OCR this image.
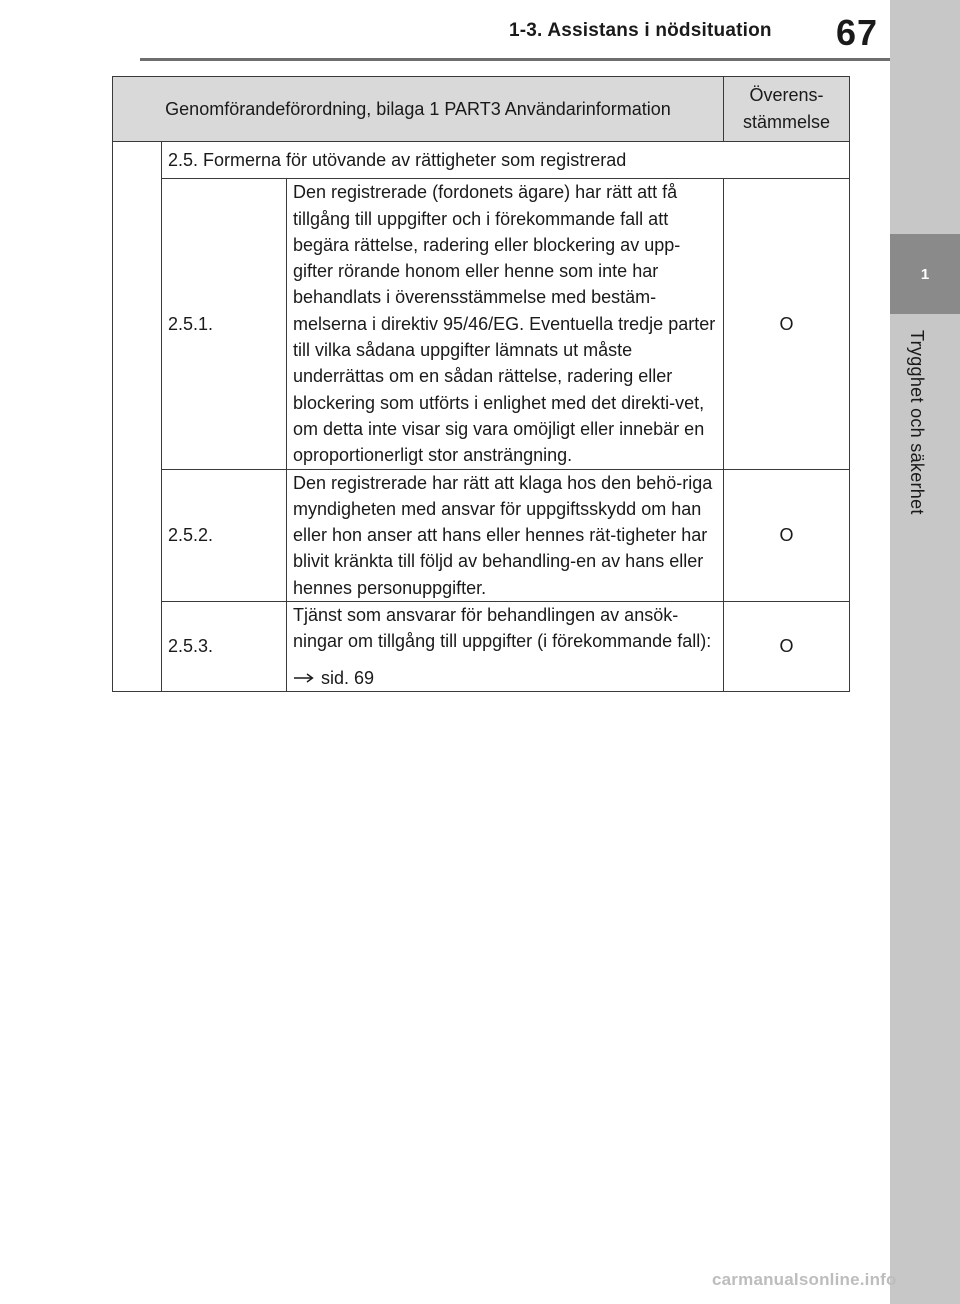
1-3. Assistans i nödsituation 67
1
Trygghet och säkerhet
Genomförandeförordning, bilaga 1 PART3 Användarinformation			Överens-
stämmelse
	2.5. Formerna för utövande av rättigheter som registrerad		
	2.5.1.	Den registrerade (fordonets ägare) har rätt att få tillgång till uppgifter och i förekommande fall att begära rättelse, radering eller blockering av upp-gifter rörande honom eller henne som inte har behandlats i överensstämmelse med bestäm-melserna i direktiv 95/46/EG. Eventuella tredje parter till vilka sådana uppgifter lämnats ut måste underrättas om en sådan rättelse, radering eller blockering som utförts i enlighet med det direkti-vet, om detta inte visar sig vara omöjligt eller innebär en oproportionerligt stor ansträngning.	O
	2.5.2.	Den registrerade har rätt att klaga hos den behö-riga myndigheten med ansvar för uppgiftsskydd om han eller hon anser att hans eller hennes rät-tigheter har blivit kränkta till följd av behandling-en av hans eller hennes personuppgifter.	O
	2.5.3.	Tjänst som ansvarar för behandlingen av ansök-ningar om tillgång till uppgifter (i förekommande fall):
sid. 69	O
carmanualsonline.info
